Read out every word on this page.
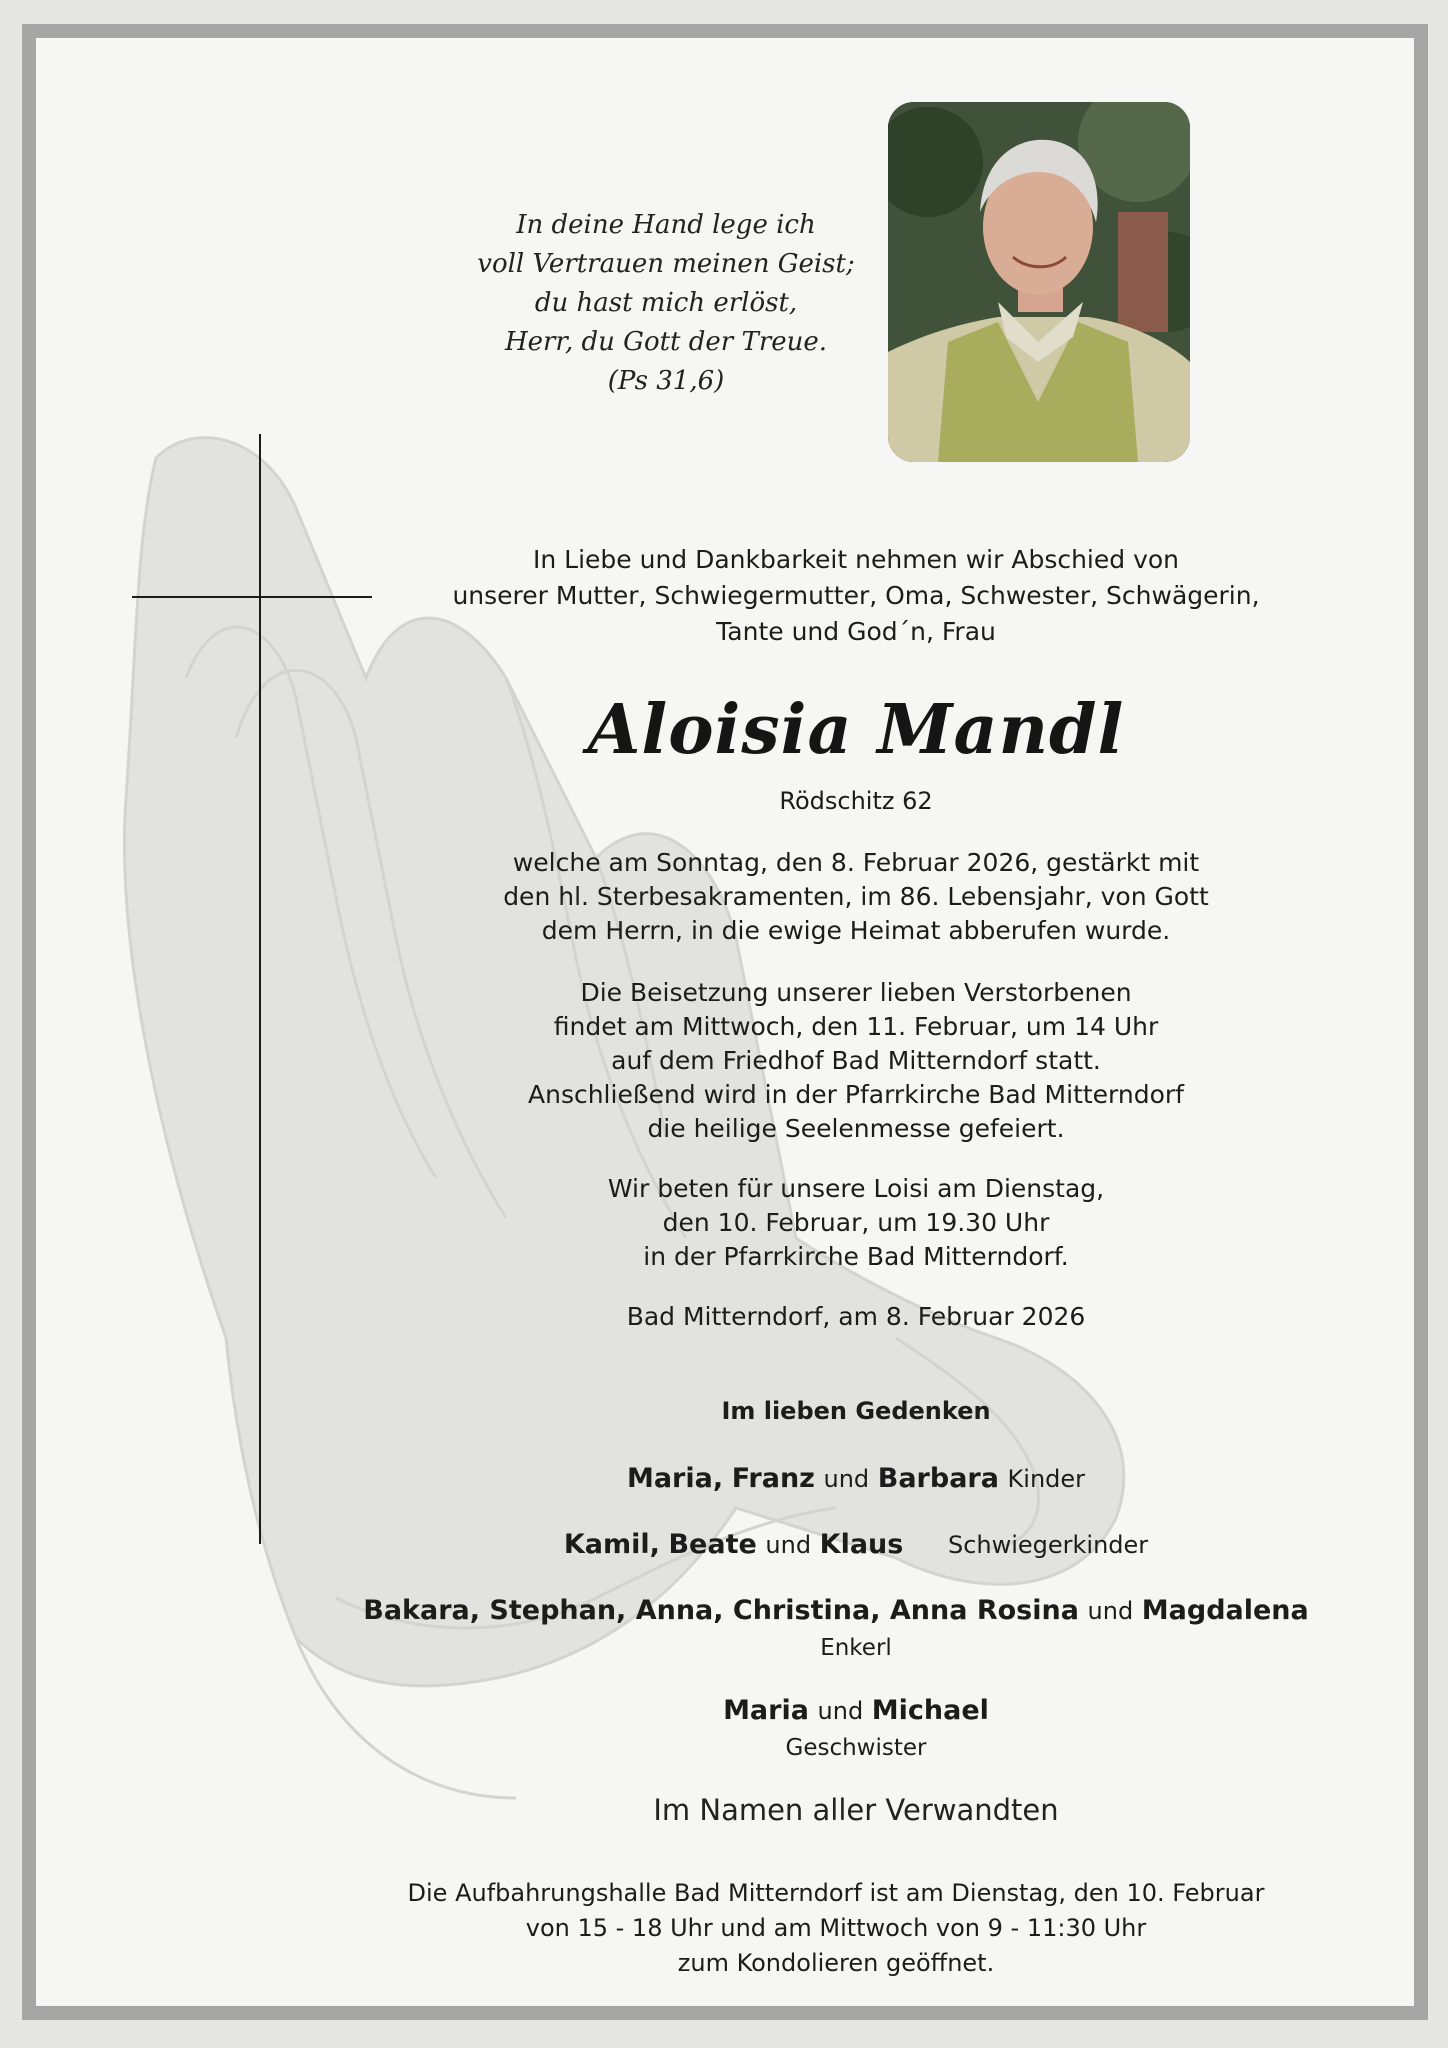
In deine Hand lege ich
voll Vertrauen meinen Geist;
du hast mich erlöst,
Herr, du Gott der Treue.
(Ps 31,6)
In Liebe und Dankbarkeit nehmen wir Abschied von
unserer Mutter, Schwiegermutter, Oma, Schwester, Schwägerin,
Tante und God´n, Frau
Aloisia Mandl
Rödschitz 62
welche am Sonntag, den 8. Februar 2026, gestärkt mit
den hl. Sterbesakramenten, im 86. Lebensjahr, von Gott
dem Herrn, in die ewige Heimat abberufen wurde.
Die Beisetzung unserer lieben Verstorbenen
findet am Mittwoch, den 11. Februar, um 14 Uhr
auf dem Friedhof Bad Mitterndorf statt.
Anschließend wird in der Pfarrkirche Bad Mitterndorf
die heilige Seelenmesse gefeiert.
Wir beten für unsere Loisi am Dienstag,
den 10. Februar, um 19.30 Uhr
in der Pfarrkirche Bad Mitterndorf.
Bad Mitterndorf, am 8. Februar 2026
Im lieben Gedenken
Maria, Franz und Barbara Kinder
Kamil, Beate und Klaus Schwiegerkinder
Bakara, Stephan, Anna, Christina, Anna Rosina und Magdalena
Enkerl
Maria und Michael
Geschwister
Im Namen aller Verwandten
Die Aufbahrungshalle Bad Mitterndorf ist am Dienstag, den 10. Februar
von 15 - 18 Uhr und am Mittwoch von 9 - 11:30 Uhr
zum Kondolieren geöffnet.
